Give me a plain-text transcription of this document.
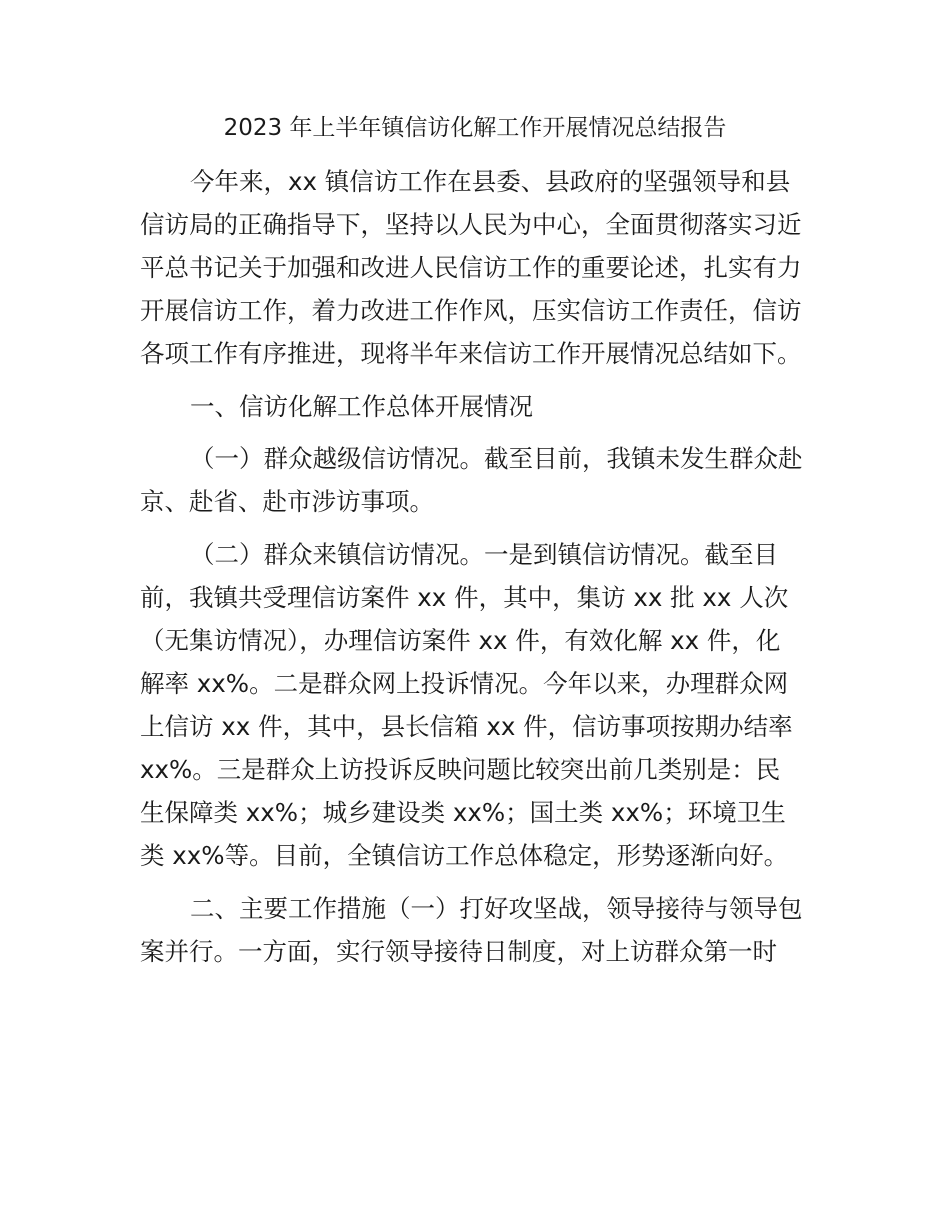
2023 年上半年镇信访化解工作开展情况总结报告

今年来，xx 镇信访工作在县委、县政府的坚强领导和县
信访局的正确指导下，坚持以人民为中心，全面贯彻落实习近
平总书记关于加强和改进人民信访工作的重要论述，扎实有力
开展信访工作，着力改进工作作风，压实信访工作责任，信访
各项工作有序推进，现将半年来信访工作开展情况总结如下。

一、信访化解工作总体开展情况

（一）群众越级信访情况。截至目前，我镇未发生群众赴
京、赴省、赴市涉访事项。

（二）群众来镇信访情况。一是到镇信访情况。截至目
前，我镇共受理信访案件 xx 件，其中，集访 xx 批 xx 人次
（无集访情况），办理信访案件 xx 件，有效化解 xx 件，化
解率 xx%。二是群众网上投诉情况。今年以来，办理群众网
上信访 xx 件，其中，县长信箱 xx 件，信访事项按期办结率
xx%。三是群众上访投诉反映问题比较突出前几类别是：民
生保障类 xx%；城乡建设类 xx%；国土类 xx%；环境卫生
类 xx%等。目前，全镇信访工作总体稳定，形势逐渐向好。

二、主要工作措施（一）打好攻坚战，领导接待与领导包
案并行。一方面，实行领导接待日制度，对上访群众第一时
